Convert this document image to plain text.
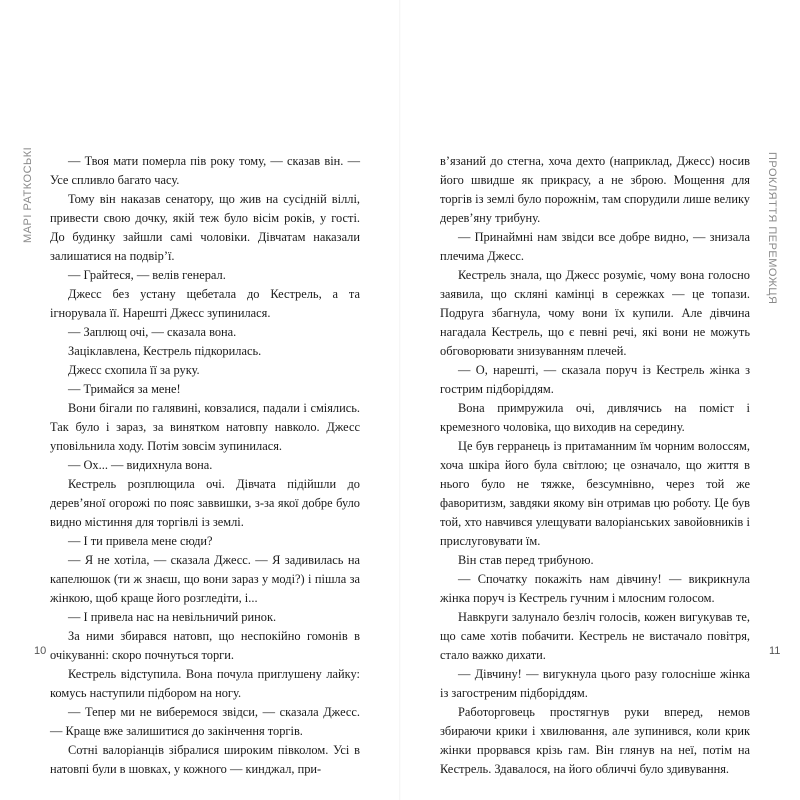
МАРІ РАТКОСЬКІ	— Твоя мати померла пів року тому, — сказав він. — Усе спливло багато часу.

Тому він наказав сенатору, що жив на сусідній віллі, привести свою дочку, якій теж було вісім років, у гості. До будинку зайшли самі чоловіки. Дівчатам наказали залишатися на подвір’ї.

— Грайтеся, — велів генерал.

Джесс без устану щебетала до Кестрель, а та ігнорувала її. Нарешті Джесс зупинилася.

— Заплющ очі, — сказала вона.

Заціклавлена, Кестрель підкорилась.

Джесс схопила її за руку.

— Тримайся за мене!

Вони бігали по галявині, ковзалися, падали і сміялись. Так було і зараз, за винятком натовпу навколо. Джесс уповільнила ходу. Потім зовсім зупинилася.

— Ох... — видихнула вона.

Кестрель розплющила очі. Дівчата підійшли до дерев’яної огорожі по пояс заввишки, з-за якої добре було видно містиння для торгівлі із землі.

— І ти привела мене сюди?

— Я не хотіла, — сказала Джесс. — Я задивилась на капелюшок (ти ж знаєш, що вони зараз у моді?) і пішла за жінкою, щоб краще його розгледіти, і...

— І привела нас на невільничий ринок.

За ними збирався натовп, що неспокійно гомонів в очікуванні: скоро почнуться торги.

Кестрель відступила. Вона почула приглушену лайку: комусь наступили підбором на ногу.

— Тепер ми не виберемося звідси, — сказала Джесс. — Краще вже залишитися до закінчення торгів.

Сотні валоріанців зібралися широким півколом. Усі в натовпі були в шовках, у кожного — кинджал, при-

10

в’язаний до стегна, хоча дехто (наприклад, Джесс) носив його швидше як прикрасу, а не зброю. Мощення для торгів із землі було порожнім, там спорудили лише велику дерев’яну трибуну.

— Принаймні нам звідси все добре видно, — знизала плечима Джесс.

Кестрель знала, що Джесс розуміє, чому вона голосно заявила, що скляні камінці в сережках — це топази. Подруга збагнула, чому вони їх купили. Але дівчина нагадала Кестрель, що є певні речі, які вони не можуть обговорювати знизуванням плечей.

— О, нарешті, — сказала поруч із Кестрель жінка з гострим підборіддям.

Вона примружила очі, дивлячись на поміст і кремезного чоловіка, що виходив на середину.

Це був герранець із притаманним їм чорним волоссям, хоча шкіра його була світлою; це означало, що життя в нього було не тяжке, безсумнівно, через той же фаворитизм, завдяки якому він отримав цю роботу. Це був той, хто навчився улещувати валоріанських завойовників і прислуговувати їм.

Він став перед трибуною.

— Спочатку покажіть нам дівчину! — викрикнула жінка поруч із Кестрель гучним і млосним голосом.

Навкруги залунало безліч голосів, кожен вигукував те, що саме хотів побачити. Кестрель не вистачало повітря, стало важко дихати.

— Дівчину! — вигукнула цього разу голосніше жінка із загостреним підборіддям.

Работорговець простягнув руки вперед, немов збираючи крики і хвилювання, але зупинився, коли крик жінки прорвався крізь гам. Він глянув на неї, потім на Кестрель. Здавалося, на його обличчі було здивування.

ПРОКЛЯТТЯ ПЕРЕМОЖЦЯ
11
